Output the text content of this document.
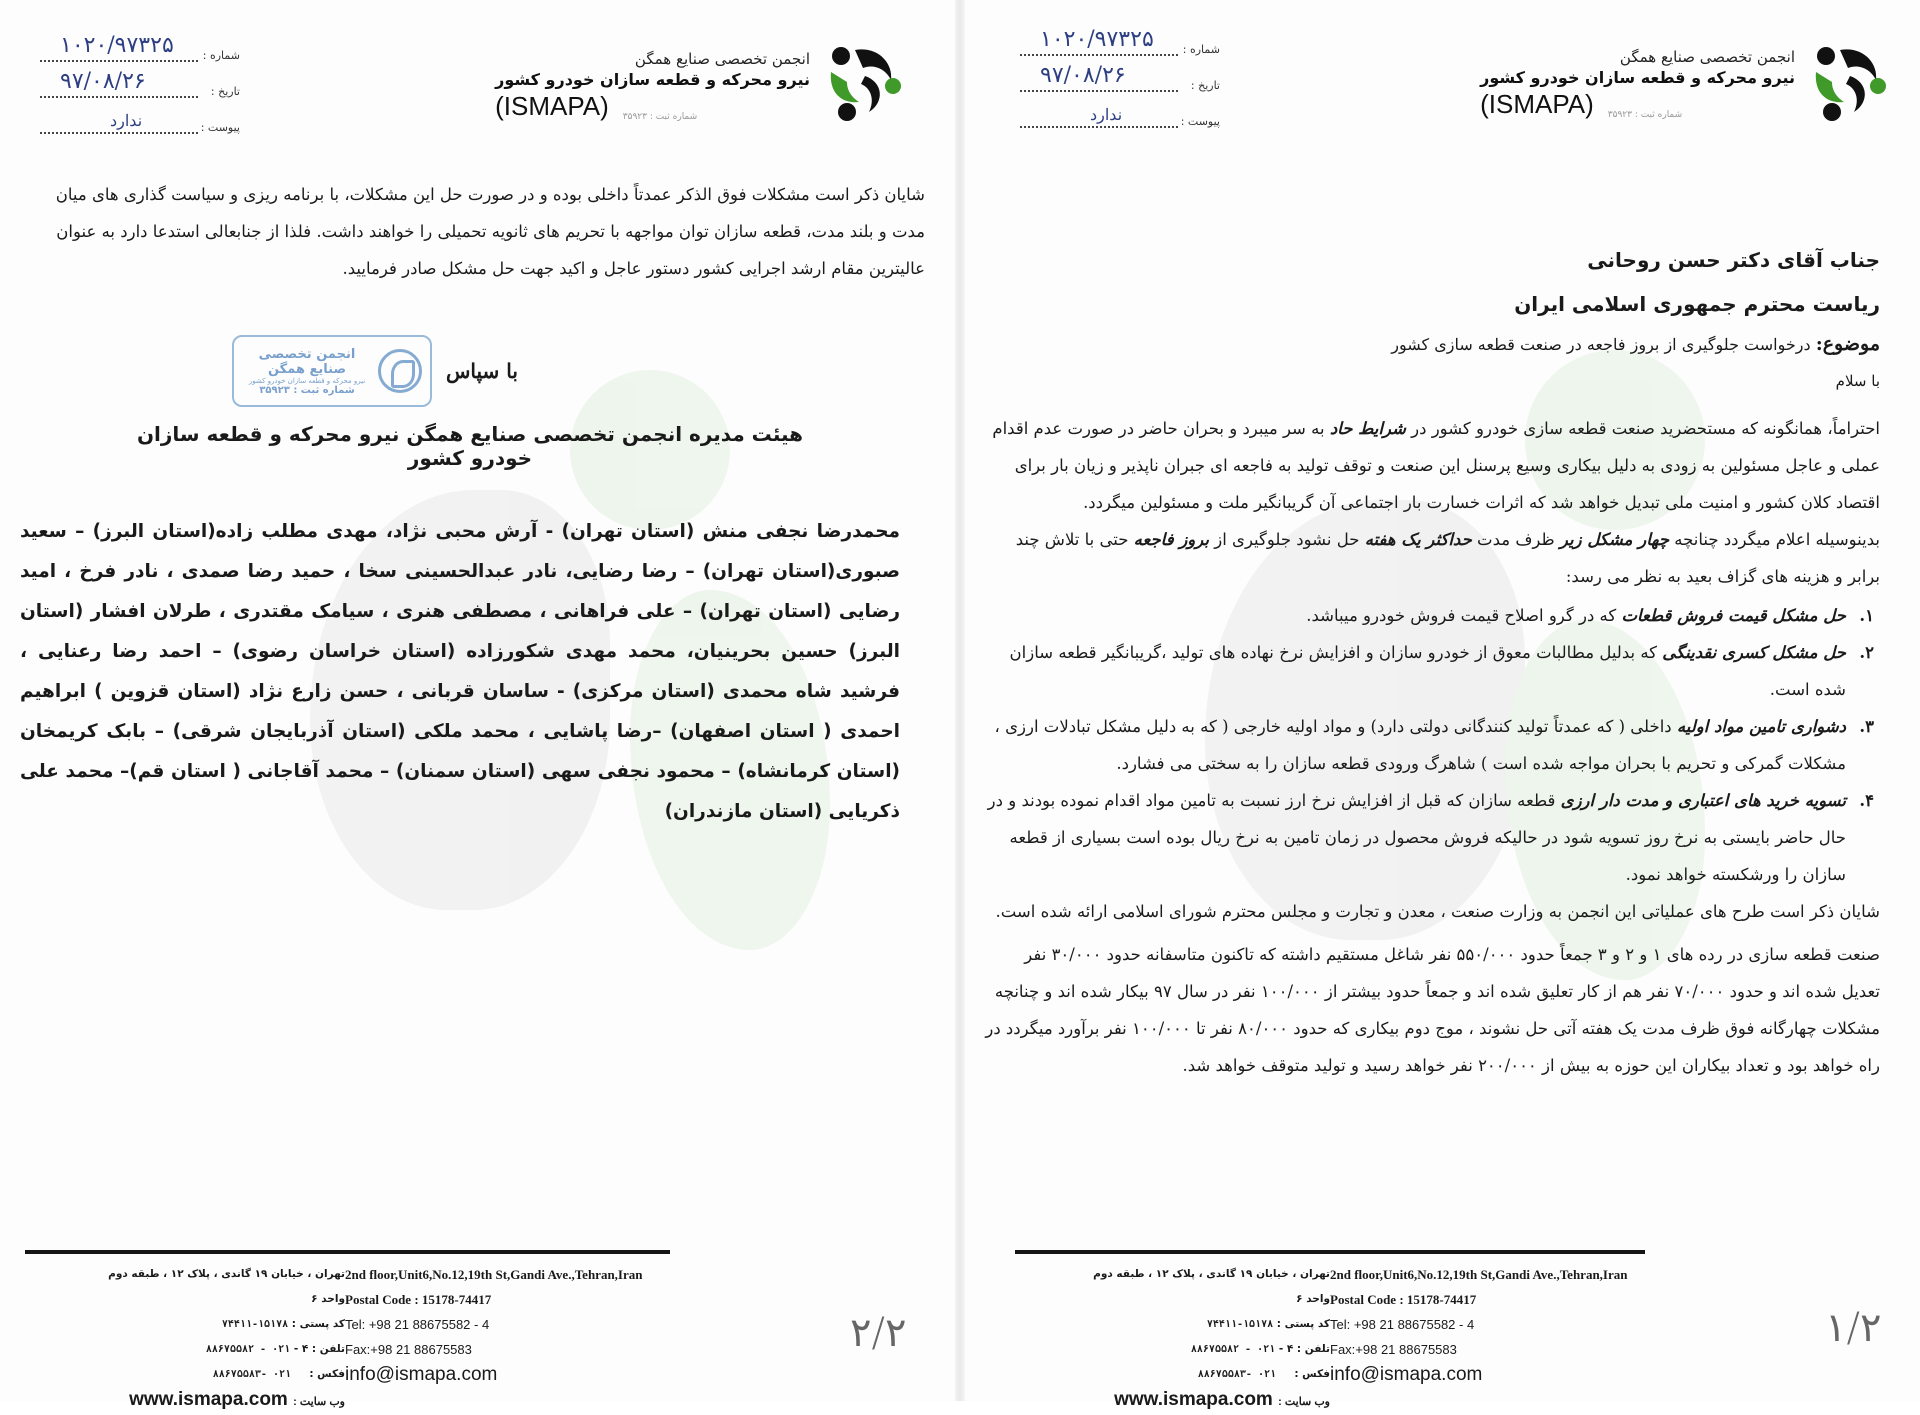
انجمن تخصصی صنایع همگن
نیرو محرکه و قطعه سازان خودرو کشور
(ISMAPA) شماره ثبت : ۳۵۹۲۳
شماره :
۱۰۲۰/۹۷۳۲۵
تاریخ :
۹۷/۰۸/۲۶
پیوست :
ندارد
شایان ذکر است مشکلات فوق الذکر عمدتاً داخلی بوده و در صورت حل این مشکلات، با برنامه ریزی و سیاست گذاری های میان مدت و بلند مدت، قطعه سازان توان مواجهه با تحریم های ثانویه تحمیلی را خواهند داشت. فلذا از جنابعالی استدعا دارد به عنوان عالیترین مقام ارشد اجرایی کشور دستور عاجل و اکید جهت حل مشکل صادر فرمایید.
با سپاس
انجمن تخصصی صنایع همگن
نیرو محرکه و قطعه سازان خودرو کشور
شماره ثبت : ۳۵۹۲۳
هیئت مدیره انجمن تخصصی صنایع همگن نیرو محرکه و قطعه سازان خودرو کشور
محمدرضا نجفی منش (استان تهران) - آرش محبی نژاد، مهدی مطلب زاده(استان البرز) – سعید صبوری(استان تهران) – رضا رضایی، نادر عبدالحسینی سخا ، حمید رضا صمدی ، نادر فرخ ، امید رضایی (استان تهران) – علی فراهانی ، مصطفی هنری ، سیامک مقتدری ، طرلان افشار (استان البرز) حسین بحرینیان، محمد مهدی شکورزاده (استان خراسان رضوی) – احمد رضا رعنایی ، فرشید شاه محمدی (استان مرکزی) - ساسان قربانی ، حسن زارع نژاد (استان قزوین ) ابراهیم احمدی ( استان اصفهان) –رضا پاشایی ، محمد ملکی (استان آذربایجان شرقی) – بابک کریمخان (استان کرمانشاه) – محمود نجفی سهی (استان سمنان) – محمد آقاجانی ( استان قم)– محمد علی ذکریایی (استان مازندران)
تهران ، خیابان ۱۹ گاندی ، پلاک ۱۲ ، طبقه دوم واحد ۶
کد پستی : ۱۵۱۷۸-۷۴۴۱۱
تلفن : ۴ - ۰۲۱ - ۸۸۶۷۵۵۸۲
فکس :     ۰۲۱ -۸۸۶۷۵۵۸۳
وب سایت : www.ismapa.com
2nd floor,Unit6,No.12,19th St,Gandi Ave.,Tehran,Iran
Postal Code : 15178-74417
Tel: +98 21 88675582 - 4
Fax:+98 21 88675583
info@ismapa.com
۲/۲
انجمن تخصصی صنایع همگن
نیرو محرکه و قطعه سازان خودرو کشور
(ISMAPA) شماره ثبت : ۳۵۹۲۳
شماره :
۱۰۲۰/۹۷۳۲۵
تاریخ :
۹۷/۰۸/۲۶
پیوست :
ندارد
جناب آقای دکتر حسن روحانی
ریاست محترم جمهوری اسلامی ایران
موضوع: درخواست جلوگیری از بروز فاجعه در صنعت قطعه سازی کشور
با سلام

احتراماً، همانگونه که مستحضرید صنعت قطعه سازی خودرو کشور در شرایط حاد به سر میبرد و بحران حاضر در صورت عدم اقدام عملی و عاجل مسئولین به زودی به دلیل بیکاری وسیع پرسنل این صنعت و توقف تولید به فاجعه ای جبران ناپذیر و زیان بار برای اقتصاد کلان کشور و امنیت ملی تبدیل خواهد شد که اثرات خسارت بار اجتماعی آن گریبانگیر ملت و مسئولین میگردد.

بدینوسیله اعلام میگردد چنانچه چهار مشکل زیر ظرف مدت حداکثر یک هفته حل نشود جلوگیری از بروز فاجعه حتی با تلاش چند برابر و هزینه های گزاف بعید به نظر می رسد:

۱.
حل مشکل قیمت فروش قطعات که در گرو اصلاح قیمت فروش خودرو میباشد.
۲.
حل مشکل کسری نقدینگی که بدلیل مطالبات معوق از خودرو سازان و افزایش نرخ نهاده های تولید ،گریبانگیر قطعه سازان شده است.
۳.
دشواری تامین مواد اولیه داخلی ( که عمدتاً تولید کنندگانی دولتی دارد) و مواد اولیه خارجی ( که به دلیل مشکل تبادلات ارزی ، مشکلات گمرکی و تحریم با بحران مواجه شده است ) شاهرگ ورودی قطعه سازان را به سختی می فشارد.
۴.
تسویه خرید های اعتباری و مدت دار ارزی قطعه سازان که قبل از افزایش نرخ ارز نسبت به تامین مواد اقدام نموده بودند و در حال حاضر بایستی به نرخ روز تسویه شود در حالیکه فروش محصول در زمان تامین به نرخ ریال بوده است بسیاری از قطعه سازان را ورشکسته خواهد نمود.

شایان ذکر است طرح های عملیاتی این انجمن به وزارت صنعت ، معدن و تجارت و مجلس محترم شورای اسلامی ارائه شده است.

صنعت قطعه سازی در رده های ۱ و ۲ و ۳ جمعاً حدود ۵۵۰/۰۰۰ نفر شاغل مستقیم داشته که تاکنون متاسفانه حدود ۳۰/۰۰۰ نفر تعدیل شده اند و حدود ۷۰/۰۰۰ نفر هم از کار تعلیق شده اند و جمعاً حدود بیشتر از ۱۰۰/۰۰۰ نفر در سال ۹۷ بیکار شده اند و چنانچه مشکلات چهارگانه فوق ظرف مدت یک هفته آتی حل نشوند ، موج دوم بیکاری که حدود ۸۰/۰۰۰ نفر تا ۱۰۰/۰۰۰ نفر برآورد میگردد در راه خواهد بود و تعداد بیکاران این حوزه به بیش از ۲۰۰/۰۰۰ نفر خواهد رسید و تولید متوقف خواهد شد.

تهران ، خیابان ۱۹ گاندی ، پلاک ۱۲ ، طبقه دوم واحد ۶
کد پستی : ۱۵۱۷۸-۷۴۴۱۱
تلفن : ۴ - ۰۲۱ - ۸۸۶۷۵۵۸۲
فکس :     ۰۲۱ -۸۸۶۷۵۵۸۳
وب سایت : www.ismapa.com
2nd floor,Unit6,No.12,19th St,Gandi Ave.,Tehran,Iran
Postal Code : 15178-74417
Tel: +98 21 88675582 - 4
Fax:+98 21 88675583
info@ismapa.com
۱/۲
